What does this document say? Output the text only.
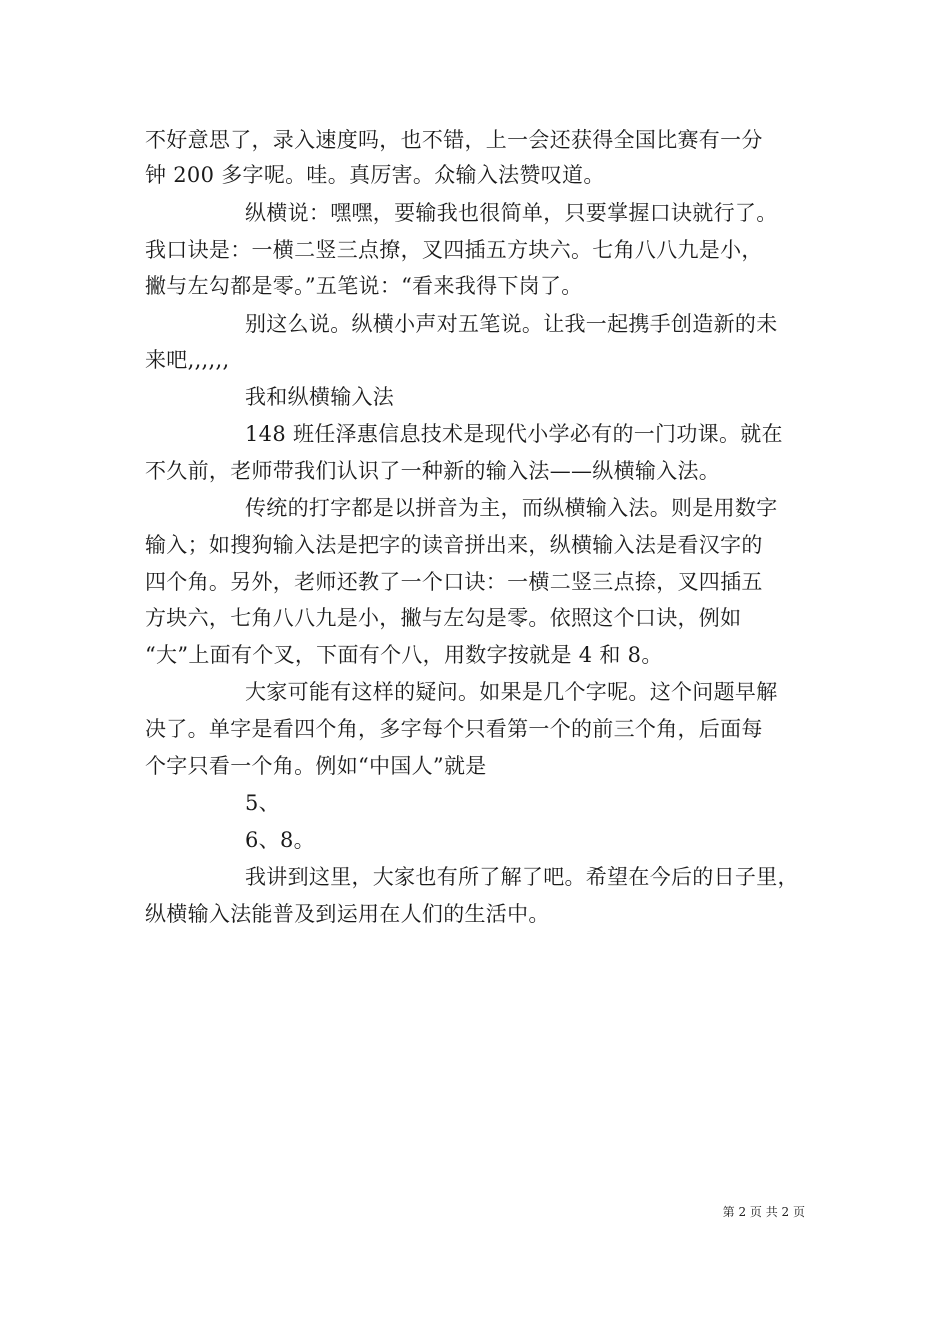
不好意思了，录入速度吗，也不错，上一会还获得全国比赛有一分
钟 200 多字呢。哇。真厉害。众输入法赞叹道。
纵横说：嘿嘿，要输我也很简单，只要掌握口诀就行了。
我口诀是：一横二竖三点撩，叉四插五方块六。七角八八九是小，
撇与左勾都是零。”五笔说：“看来我得下岗了。
别这么说。纵横小声对五笔说。让我一起携手创造新的未
来吧,,,,,,
我和纵横输入法
148 班任泽惠信息技术是现代小学必有的一门功课。就在
不久前，老师带我们认识了一种新的输入法——纵横输入法。
传统的打字都是以拼音为主，而纵横输入法。则是用数字
输入；如搜狗输入法是把字的读音拼出来，纵横输入法是看汉字的
四个角。另外，老师还教了一个口诀：一横二竖三点捺，叉四插五
方块六，七角八八九是小，撇与左勾是零。依照这个口诀，例如
“大”上面有个叉，下面有个八，用数字按就是 4 和 8。
大家可能有这样的疑问。如果是几个字呢。这个问题早解
决了。单字是看四个角，多字每个只看第一个的前三个角，后面每
个字只看一个角。例如“中国人”就是
5、
6、8。
我讲到这里，大家也有所了解了吧。希望在今后的日子里，
纵横输入法能普及到运用在人们的生活中。
第 2 页 共 2 页
